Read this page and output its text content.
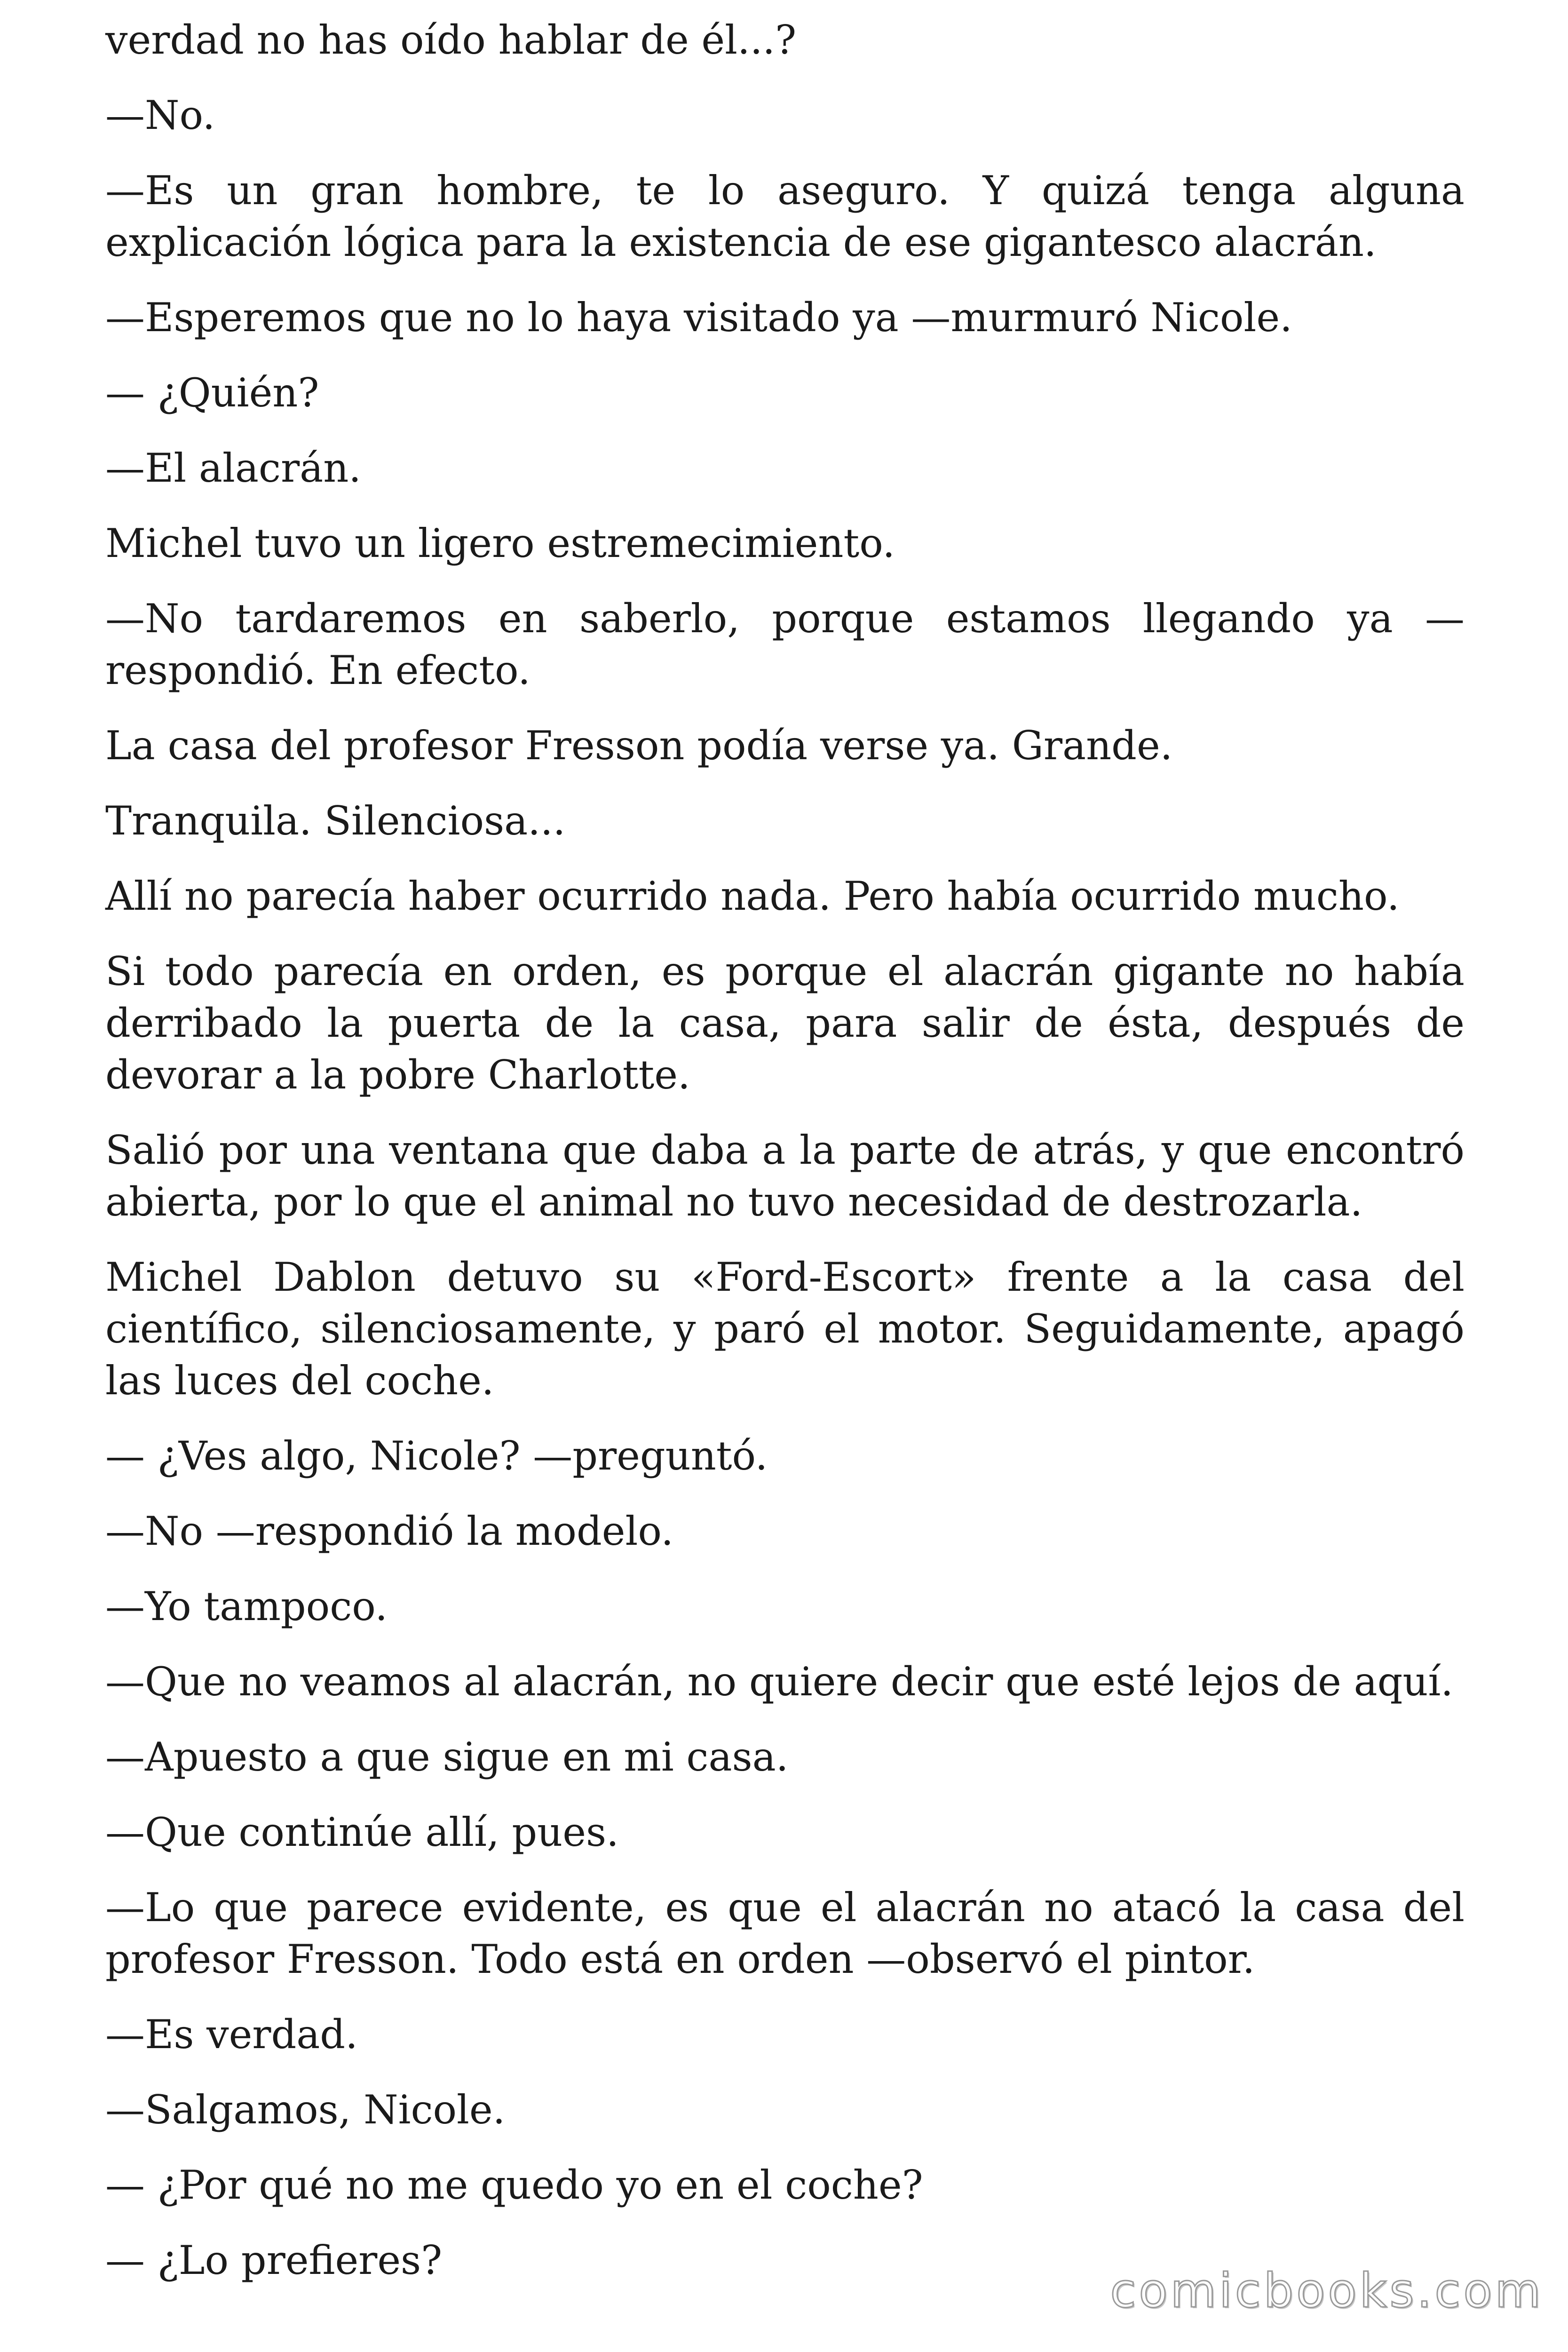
verdad no has oído hablar de él...?

—No.

—Es un gran hombre, te lo aseguro. Y quizá tenga alguna explicación lógica para la existencia de ese gigantesco alacrán.

—Esperemos que no lo haya visitado ya —murmuró Nicole.

— ¿Quién?

—El alacrán.

Michel tuvo un ligero estremecimiento.

—No tardaremos en saberlo, porque estamos llegando ya —respondió. En efecto.

La casa del profesor Fresson podía verse ya. Grande.

Tranquila. Silenciosa...

Allí no parecía haber ocurrido nada. Pero había ocurrido mucho.

Si todo parecía en orden, es porque el alacrán gigante no había derribado la puerta de la casa, para salir de ésta, después de devorar a la pobre Charlotte.

Salió por una ventana que daba a la parte de atrás, y que encontró abierta, por lo que el animal no tuvo necesidad de destrozarla.

Michel Dablon detuvo su «Ford-Escort» frente a la casa del científico, silenciosamente, y paró el motor. Seguidamente, apagó las luces del coche.

— ¿Ves algo, Nicole? —preguntó.

—No —respondió la modelo.

—Yo tampoco.

—Que no veamos al alacrán, no quiere decir que esté lejos de aquí.

—Apuesto a que sigue en mi casa.

—Que continúe allí, pues.

—Lo que parece evidente, es que el alacrán no atacó la casa del profesor Fresson. Todo está en orden —observó el pintor.

—Es verdad.

—Salgamos, Nicole.

— ¿Por qué no me quedo yo en el coche?

— ¿Lo prefieres?

comicbooks.com
